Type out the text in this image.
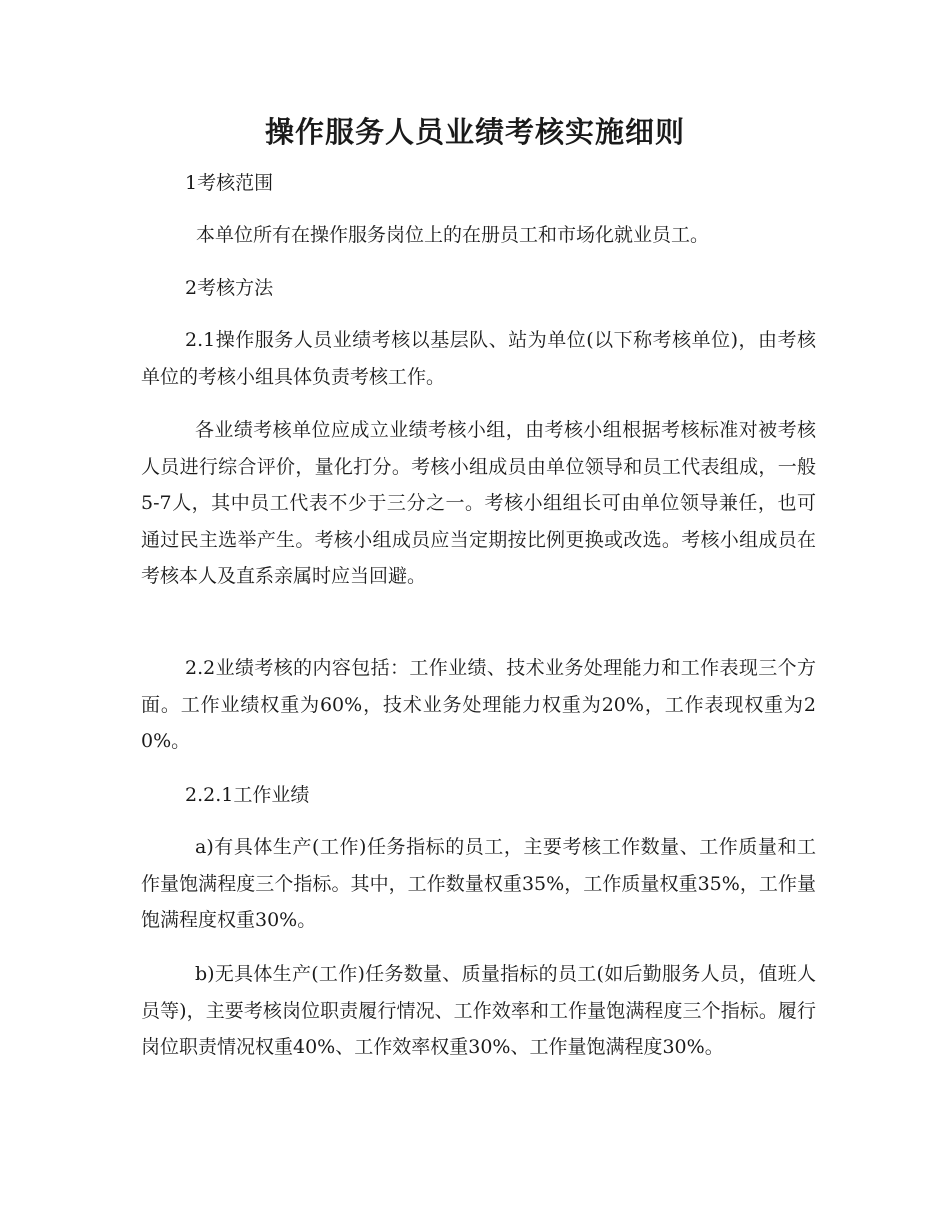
操作服务人员业绩考核实施细则
1考核范围
本单位所有在操作服务岗位上的在册员工和市场化就业员工。
2考核方法
2.1操作服务人员业绩考核以基层队、站为单位(以下称考核单位)，由考核单位的考核小组具体负责考核工作。
各业绩考核单位应成立业绩考核小组，由考核小组根据考核标准对被考核人员进行综合评价，量化打分。考核小组成员由单位领导和员工代表组成，一般5-7人，其中员工代表不少于三分之一。考核小组组长可由单位领导兼任，也可通过民主选举产生。考核小组成员应当定期按比例更换或改选。考核小组成员在考核本人及直系亲属时应当回避。
2.2业绩考核的内容包括：工作业绩、技术业务处理能力和工作表现三个方面。工作业绩权重为60%，技术业务处理能力权重为20%，工作表现权重为20%。
2.2.1工作业绩
a)有具体生产(工作)任务指标的员工，主要考核工作数量、工作质量和工作量饱满程度三个指标。其中，工作数量权重35%，工作质量权重35%，工作量饱满程度权重30%。
b)无具体生产(工作)任务数量、质量指标的员工(如后勤服务人员，值班人员等)，主要考核岗位职责履行情况、工作效率和工作量饱满程度三个指标。履行岗位职责情况权重40%、工作效率权重30%、工作量饱满程度30%。
